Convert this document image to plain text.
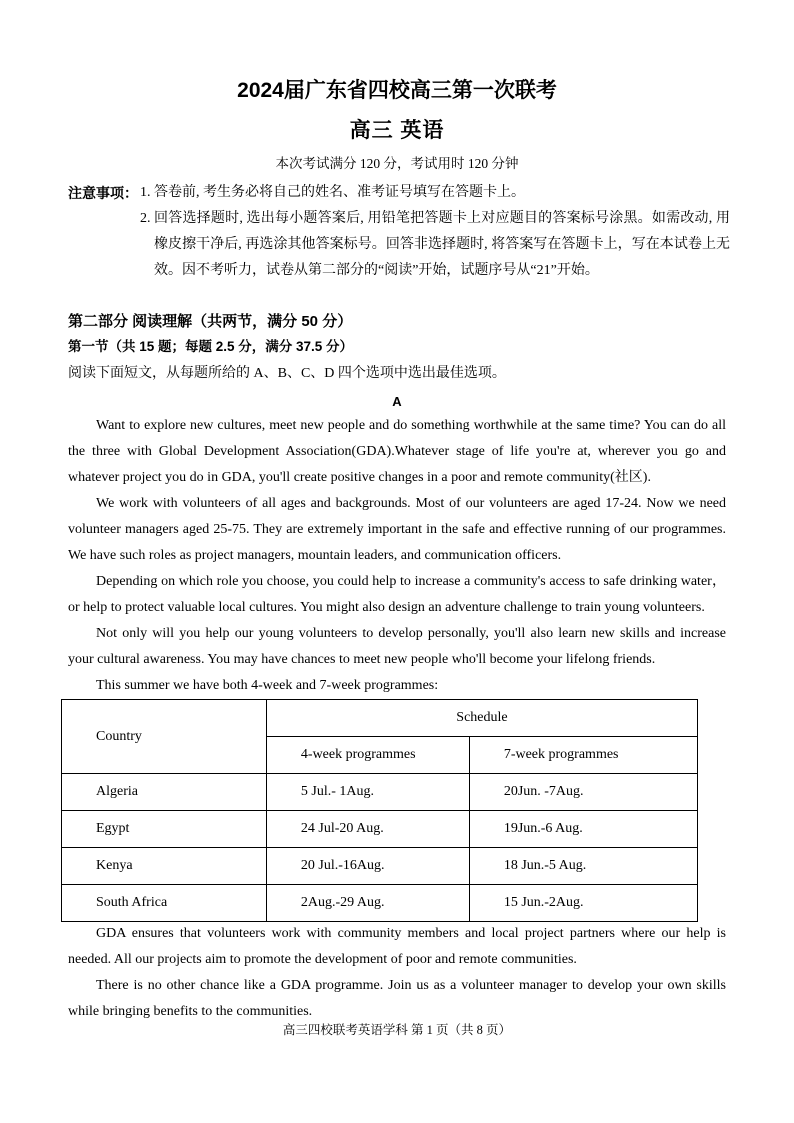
2024届广东省四校高三第一次联考
高三 英语
本次考试满分 120 分，考试用时 120 分钟
注意事项： 1. 答卷前, 考生务必将自己的姓名、准考证号填写在答题卡上。
2. 回答选择题时, 选出每小题答案后, 用铅笔把答题卡上对应题目的答案标号涂黑。如需改动, 用橡皮擦干净后, 再选涂其他答案标号。回答非选择题时, 将答案写在答题卡上，写在本试卷上无效。因不考听力，试卷从第二部分的“阅读”开始，试题序号从“21”开始。
第二部分 阅读理解（共两节，满分 50 分）
第一节（共 15 题；每题 2.5 分，满分 37.5 分）
阅读下面短文，从每题所给的 A、B、C、D 四个选项中选出最佳选项。
A
Want to explore new cultures, meet new people and do something worthwhile at the same time? You can do all the three with Global Development Association(GDA).Whatever stage of life you're at, wherever you go and whatever project you do in GDA, you'll create positive changes in a poor and remote community(社区).
We work with volunteers of all ages and backgrounds. Most of our volunteers are aged 17-24. Now we need volunteer managers aged 25-75. They are extremely important in the safe and effective running of our programmes. We have such roles as project managers, mountain leaders, and communication officers.
Depending on which role you choose, you could help to increase a community's access to safe drinking water，or help to protect valuable local cultures. You might also design an adventure challenge to train young volunteers.
Not only will you help our young volunteers to develop personally, you'll also learn new skills and increase your cultural awareness. You may have chances to meet new people who'll become your lifelong friends.
This summer we have both 4-week and 7-week programmes:
Country	Schedule	
	4-week programmes	7-week programmes
Algeria	5 Jul.- 1Aug.	20Jun. -7Aug.
Egypt	24 Jul-20 Aug.	19Jun.-6 Aug.
Kenya	20 Jul.-16Aug.	18 Jun.-5 Aug.
South Africa	2Aug.-29 Aug.	15 Jun.-2Aug.
GDA ensures that volunteers work with community members and local project partners where our help is needed. All our projects aim to promote the development of poor and remote communities.
There is no other chance like a GDA programme. Join us as a volunteer manager to develop your own skills while bringing benefits to the communities.
高三四校联考英语学科 第 1 页（共 8 页）
